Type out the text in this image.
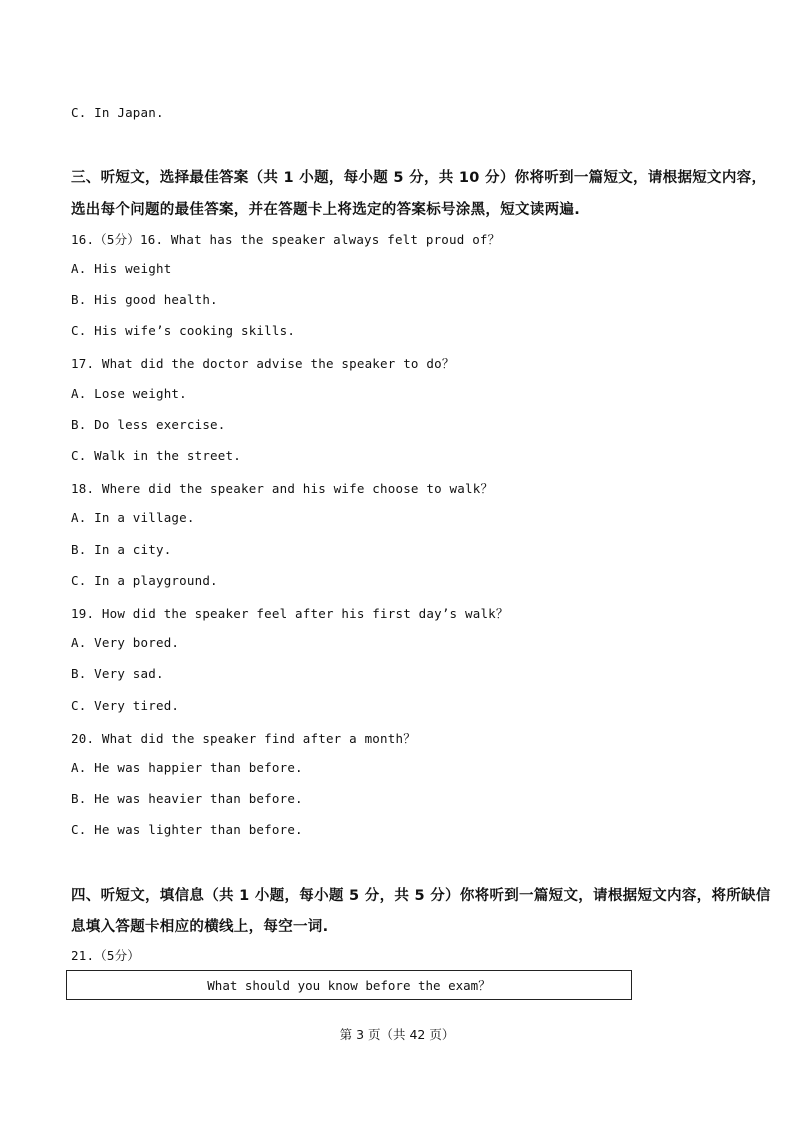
C. In Japan.
三、听短文，选择最佳答案（共 1 小题，每小题 5 分，共 10 分）你将听到一篇短文，请根据短文内容，
选出每个问题的最佳答案，并在答题卡上将选定的答案标号涂黑，短文读两遍.
16.（5分）16. What has the speaker always felt proud of？
A. His weight
B. His good health.
C. His wife’s cooking skills.
17. What did the doctor advise the speaker to do？
A. Lose weight.
B. Do less exercise.
C. Walk in the street.
18. Where did the speaker and his wife choose to walk？
A. In a village.
B. In a city.
C. In a playground.
19. How did the speaker feel after his first day’s walk？
A. Very bored.
B. Very sad.
C. Very tired.
20. What did the speaker find after a month？
A. He was happier than before.
B. He was heavier than before.
C. He was lighter than before.
四、听短文，填信息（共 1 小题，每小题 5 分，共 5 分）你将听到一篇短文，请根据短文内容，将所缺信
息填入答题卡相应的横线上，每空一词.
21.（5分）
What should you know before the exam？
第 3 页（共 42 页）
